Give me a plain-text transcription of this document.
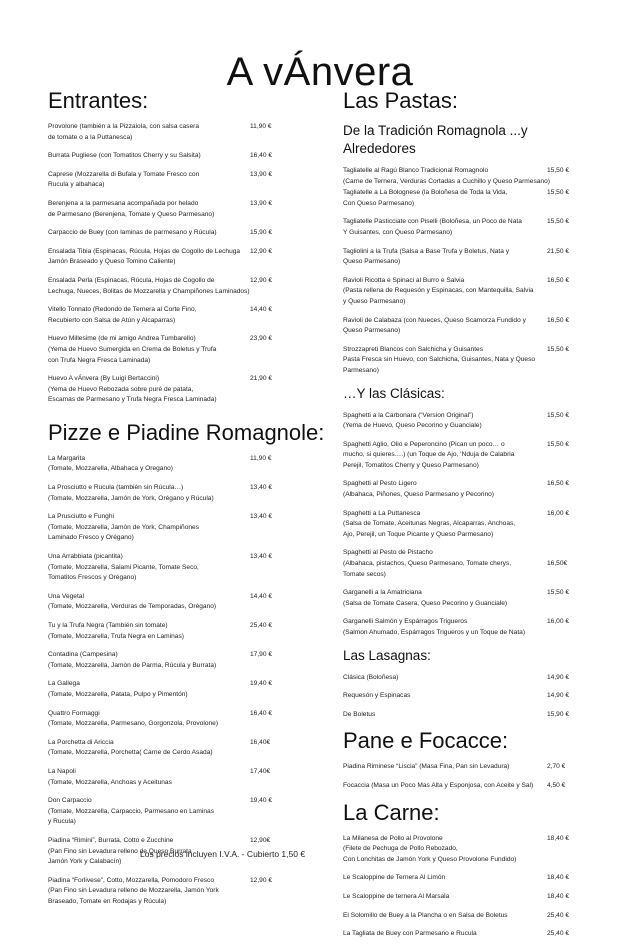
A vÁnvera
Entrantes:
Provolone (también a la Pizzaiola, con salsa casera
de tomate o a la Puttanesca)
11,90 €
Burrata Pugliese (con Tomatitos Cherry y su Salsita)	16,40 €
Caprese (Mozzarella di Bufala y Tomate Fresco con
Rucula y albahaca)
13,90 €
Berenjena a la parmesana acompañada por helado
de Parmesano (Berenjena, Tomate y Queso Parmesano)
13,90 €
Carpaccio de Buey (con laminas de parmesano y Rúcula)	15,90 €
Ensalada Tibia (Espinacas, Rúcula, Hojas de Cogollo de Lechuga
Jamón Braseado y Queso Tomino Caliente)
12,90 €
Ensalada Perla (Espinacas, Rúcula, Hojas de Cogollo de
Lechuga, Nueces, Bolitas de Mozzarella y Champiñones Laminados)
12,90 €
Vitello Tonnato (Redondo de Ternera al Corte Fino,
Recubierto con Salsa de Atún y Alcaparras)
14,40 €
Huevo Millesime (de mi amigo Andrea Tumbarello)
(Yema de Huevo Sumergida en Crema de Boletus y Trufa
con Trufa Negra Fresca Laminada)
23,90 €
Huevo A vÁnvera (By Luigi Bertaccini)
(Yema de Huevo Rebozada sobre puré de patata,
Escamas de Parmesano y Trufa Negra Fresca Laminada)
21,90 €
Pizze e Piadine Romagnole:
La Margarita
(Tomate, Mozzarella, Albahaca y Oregano)
11,90 €
La Prosciutto e Rucula (también sin Rúcula…)
(Tomate, Mozzarella, Jamón de York, Orégano y Rúcula)
13,40 €
La Prusciutto e Funghi
(Tomate, Mozzarella, Jamón de York, Champiñones
Laminado Fresco y Orégano)
13,40 €
Una Arrabbiata (picantita)
(Tomate, Mozzarella, Salami Picante, Tomate Seco,
Tomatitos Frescos y Orégano)
13,40 €
Una Vegetal
(Tomate, Mozzarella, Verduras de Temporadas, Orégano)
14,40 €
Tu y la Trufa Negra (También sin tomate)
(Tomate, Mozzarella, Trufa Negra en Laminas)
25,40 €
Contadina (Campesina)
(Tomate, Mozzarella, Jamón de Parma, Rúcula y Burrata)
17,90 €
La Gallega
(Tomate, Mozzarella, Patata, Pulpo y Pimentón)
19,40 €
Quattro Formaggi
(Tomate, Mozzarella, Parmesano, Gorgonzola, Provolone)
16,40 €
La Porchetta di Ariccia
(Tomate, Mozzarella, Porchetta( Carne de Cerdo Asada)
16,40€
La Napoli
(Tomate, Mozzarella, Anchoas y Aceitunas
17,40€
Don Carpaccio
(Tomate, Mozzarella, Carpaccio, Parmesano en Laminas
y Rucula)
19,40 €
Piadina “Rimini”, Burrata, Cotto e Zucchine
(Pan Fino sin Levadura relleno de Queso Burrata
Jamón York y Calabacín)
12,90€
Piadina “Forlivese”, Cotto, Mozzarella, Pomodoro Fresco
(Pan Fino sin Levadura relleno de Mozzarella, Jamón York
Braseado, Tomate en Rodajas y Rúcula)
12,90 €
Las Pastas:
De la Tradición Romagnola ...y Alrededores
Tagliatelle al Ragú Blanco Tradicional Romagnolo
(Carne de Ternera, Verduras Cortadas a Cuchillo y Queso Parmesano)
15,50 €
Tagliatelle a La Bolognese (la Boloñesa de Toda la Vida,
Con Queso Parmesano)
15,50 €
Tagliatelle Pasticciate con Piselli (Boloñesa, un Poco de Nata
Y Guisantes, con Queso Parmesano)
15,50 €
Tagliolini a la Trufa (Salsa a Base Trufa y Boletus, Nata y
Queso Parmesano)
21,50 €
Ravioli Ricotta e Spinaci al Burro e Salvia
(Pasta rellena de Requesón y Espinacas, con Mantequilla, Salvia
y Queso Parmesano)
16,50 €
Ravioli de Calabaza (con Nueces, Queso Scamorza Fundido y
Queso Parmesano)
16,50 €
Strozzapreti Blancos con Salchicha y Guisantes
Pasta Fresca sin Huevo, con Salchicha, Guisantes, Nata y Queso
Parmesano)
15,50 €
…Y las Clásicas:
Spaghetti a la Carbonara (“Version Original”)
(Yema de Huevo, Queso Pecorino y Guanciale)
15,50 €
Spaghetti Aglio, Olio e Peperoncino (Pican un poco… o
mucho, si quieres….) (un Toque de Ajo, ‘Nduja de Calabria
Perejil, Tomatitos Cherry y Queso Parmesano)
15,50 €
Spaghetti al Pesto Ligero
(Albahaca, Piñones, Queso Parmesano y Pecorino)
16,50 €
Spaghetti a La Puttanesca
(Salsa de Tomate, Aceitunas Negras, Alcaparras, Anchoas,
Ajo, Perejil, un Toque Picante y Queso Parmesano)
16,00 €
Spaghetti al Pesto de Pistacho
(Albahaca, pistachos, Queso Parmesano, Tomate cherys,
Tomate secos)
16,50€
Garganelli a la Amatriciana
(Salsa de Tomate Casera, Queso Pecorino y Guanciale)
15,50 €
Garganelli Salmón y Espárragos Trigueros
(Salmon Ahumado, Espárragos Trigueros y un Toque de Nata)
16,00 €
Las Lasagnas:
Clásica (Boloñesa)	14,90 €
Requesón y Espinacas	14,90 €
De Boletus	15,90 €
Pane e Focacce:
Piadina Riminese “Liscia” (Masa Fina, Pan sin Levadura)	2,70 €
Focaccia (Masa un Poco Mas Alta y Esponjosa, con Aceite y Sal)	4,50 €
La Carne:
La Milanesa de Pollo al Provolone
(Filete de Pechuga de Pollo Rebozado,
Con Lonchitas de Jamón York y Queso Provolone Fundido)
18,40 €
Le Scaloppine de Ternera Al Limón	18,40 €
Le Scaloppine de ternera Al Marsala	18,40 €
El Solomillo de Buey a la Plancha o en Salsa de Boletus	25,40 €
La Tagliata de Buey con Parmesano e Rucula	25,40 €
Los precios incluyen I.V.A. - Cubierto 1,50 €
